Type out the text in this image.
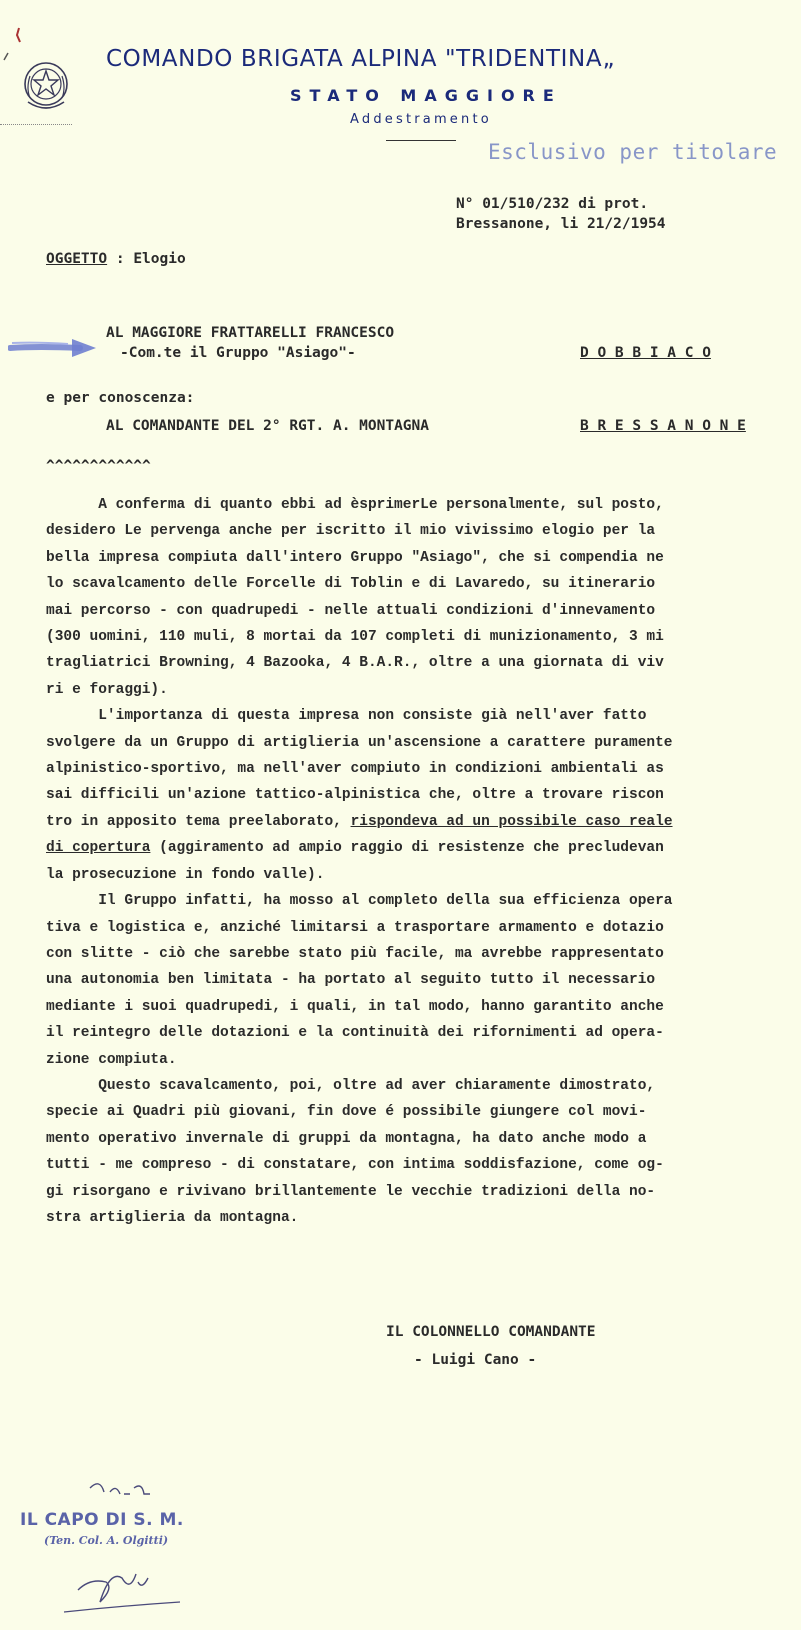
COMANDO BRIGATA ALPINA "TRIDENTINA„
STATO MAGGIORE
Addestramento
Esclusivo per titolare
N° 01/510/232 di prot.
Bressanone, li 21/2/1954
OGGETTO : Elogio
AL MAGGIORE FRATTARELLI FRANCESCO
-Com.te il Gruppo "Asiago"-	D O B B I A C O
e per conoscenza:
AL COMANDANTE DEL 2° RGT. A. MONTAGNA	B R E S S A N O N E
^^^^^^^^^^^^
A conferma di quanto ebbi ad èsprimerLe personalmente, sul posto,
desidero Le pervenga anche per iscritto il mio vivissimo elogio per la
bella impresa compiuta dall'intero Gruppo "Asiago", che si compendia ne
lo scavalcamento delle Forcelle di Toblin e di Lavaredo, su itinerario
mai percorso - con quadrupedi - nelle attuali condizioni d'innevamento
(300 uomini, 110 muli, 8 mortai da 107 completi di munizionamento, 3 mi
tragliatrici Browning, 4 Bazooka, 4 B.A.R., oltre a una giornata di viv
ri e foraggi).
L'importanza di questa impresa non consiste già nell'aver fatto
svolgere da un Gruppo di artiglieria un'ascensione a carattere puramente
alpinistico-sportivo, ma nell'aver compiuto in condizioni ambientali as
sai difficili un'azione tattico-alpinistica che, oltre a trovare riscon
tro in apposito tema preelaborato, rispondeva ad un possibile caso reale
di copertura (aggiramento ad ampio raggio di resistenze che precludevan
la prosecuzione in fondo valle).
Il Gruppo infatti, ha mosso al completo della sua efficienza opera
tiva e logistica e, anziché limitarsi a trasportare armamento e dotazio
con slitte - ciò che sarebbe stato più facile, ma avrebbe rappresentato
una autonomia ben limitata - ha portato al seguito tutto il necessario
mediante i suoi quadrupedi, i quali, in tal modo, hanno garantito anche
il reintegro delle dotazioni e la continuità dei rifornimenti ad opera-
zione compiuta.
Questo scavalcamento, poi, oltre ad aver chiaramente dimostrato,
specie ai Quadri più giovani, fin dove é possibile giungere col movi-
mento operativo invernale di gruppi da montagna, ha dato anche modo a
tutti - me compreso - di constatare, con intima soddisfazione, come og-
gi risorgano e rivivano brillantemente le vecchie tradizioni della no-
stra artiglieria da montagna.
IL COLONNELLO COMANDANTE
- Luigi Cano -
IL CAPO DI S. M.
(Ten. Col. A. Olgitti)
